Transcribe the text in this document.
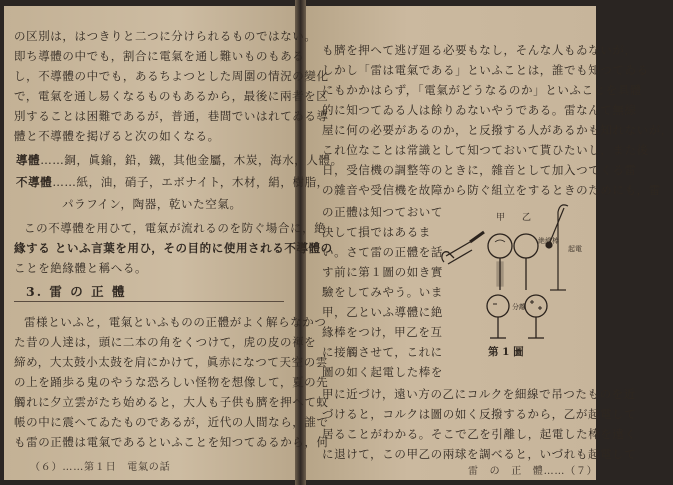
の区別は，はつきりと二つに分けられるものではない。
即ち導體の中でも，割合に電氣を通し難いものもある
し，不導體の中でも，あるちよつとした周圍の情況の變化
で，電氣を通し易くなるものもあるから，最後に兩者を区
別することは困難であるが，普通，巷間でいはれてゐる導
體と不導體を掲げると次の如くなる。
導體……銅，眞鍮，鉛，鐵，其他金屬，木炭，海水，人體。
不導體……紙，油，硝子，エボナイト，木材，絹，樹脂，
パラフイン，陶器，乾いた空氣。
この不導體を用ひて，電氣が流れるのを防ぐ場合に，絶
緣する といふ言葉を用ひ，その目的に使用される不導體の
ことを絶緣體と稱へる。
3. 雷 の 正 體
雷様といふと，電氣といふものの正體がよく解らなかつ
た昔の人達は，頭に二本の角をくつけて，虎の皮の褌を
締め，大太鼓小太鼓を肩にかけて，眞赤になつて天空の雲
の上を踊歩る鬼のやうな恐ろしい怪物を想像して，夏の先
觸れに夕立雲がたち始めると，大人も子供も臍を押へて蚊
帳の中に震へてゐたものであるが，近代の人間なら，誰で
も雷の正體は電氣であるといふことを知つてゐるから，何
（６）……第１日　電氣の話
も臍を押へて逃げ廻る必要もなし，そんな人もゐないが，
しかし「雷は電氣である」といふことは，誰でも知つてゐる
にもかかはらず，「電氣がどうなるのか」といふことを具體
的に知つてゐる人は餘りゐないやうである。雷なんて無線
屋に何の必要があるのか，と反撥する人があるかも知れないが，
これ位なことは常識として知つておいて貰ひたいし，また後
日，受信機の調整等のときに，雜音として加入つてくる雷
の雜音や受信機を故障から防ぐ組立をするときのためにも，雷
の正體は知つておいて
決して損ではあるま
い。さて雷の正體を話
す前に第１圖の如き實
驗をしてみやう。いま
甲，乙といふ導體に絶
緣棒をつけ，甲乙を互
に接觸させて，これに
圖の如く起電した棒を
甲に近づけ，遠い方の乙にコルクを細線で吊つたものを近
づけると，コルクは圖の如く反撥するから，乙が起電して
居ることがわかる。そこで乙を引離し，起電した棒を遠く
に退けて，この甲乙の兩球を調べると，いづれも起電して
雷　の　正　體……（７）
甲 乙
絶緣棒
起電
分離
第 1 圖
